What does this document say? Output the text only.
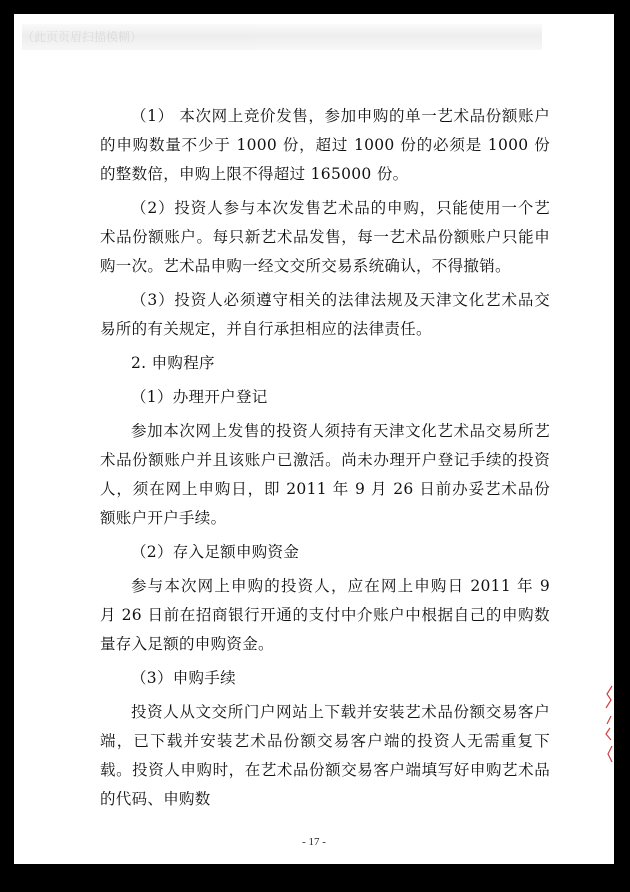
（此页页眉扫描模糊）

（1） 本次网上竞价发售，参加申购的单一艺术品份额账户的申购数量不少于 1000 份，超过 1000 份的必须是 1000 份的整数倍，申购上限不得超过 165000 份。

（2）投资人参与本次发售艺术品的申购，只能使用一个艺术品份额账户。每只新艺术品发售，每一艺术品份额账户只能申购一次。艺术品申购一经文交所交易系统确认，不得撤销。

（3）投资人必须遵守相关的法律法规及天津文化艺术品交易所的有关规定，并自行承担相应的法律责任。

2. 申购程序

（1）办理开户登记

参加本次网上发售的投资人须持有天津文化艺术品交易所艺术品份额账户并且该账户已激活。尚未办理开户登记手续的投资人，须在网上申购日，即 2011 年 9 月 26 日前办妥艺术品份额账户开户手续。

（2）存入足额申购资金

参与本次网上申购的投资人，应在网上申购日 2011 年 9 月 26 日前在招商银行开通的支付中介账户中根据自己的申购数量存入足额的申购资金。

（3）申购手续

投资人从文交所门户网站上下载并安装艺术品份额交易客户端，已下载并安装艺术品份额交易客户端的投资人无需重复下载。投资人申购时，在艺术品份额交易客户端填写好申购艺术品的代码、申购数

- 17 -
